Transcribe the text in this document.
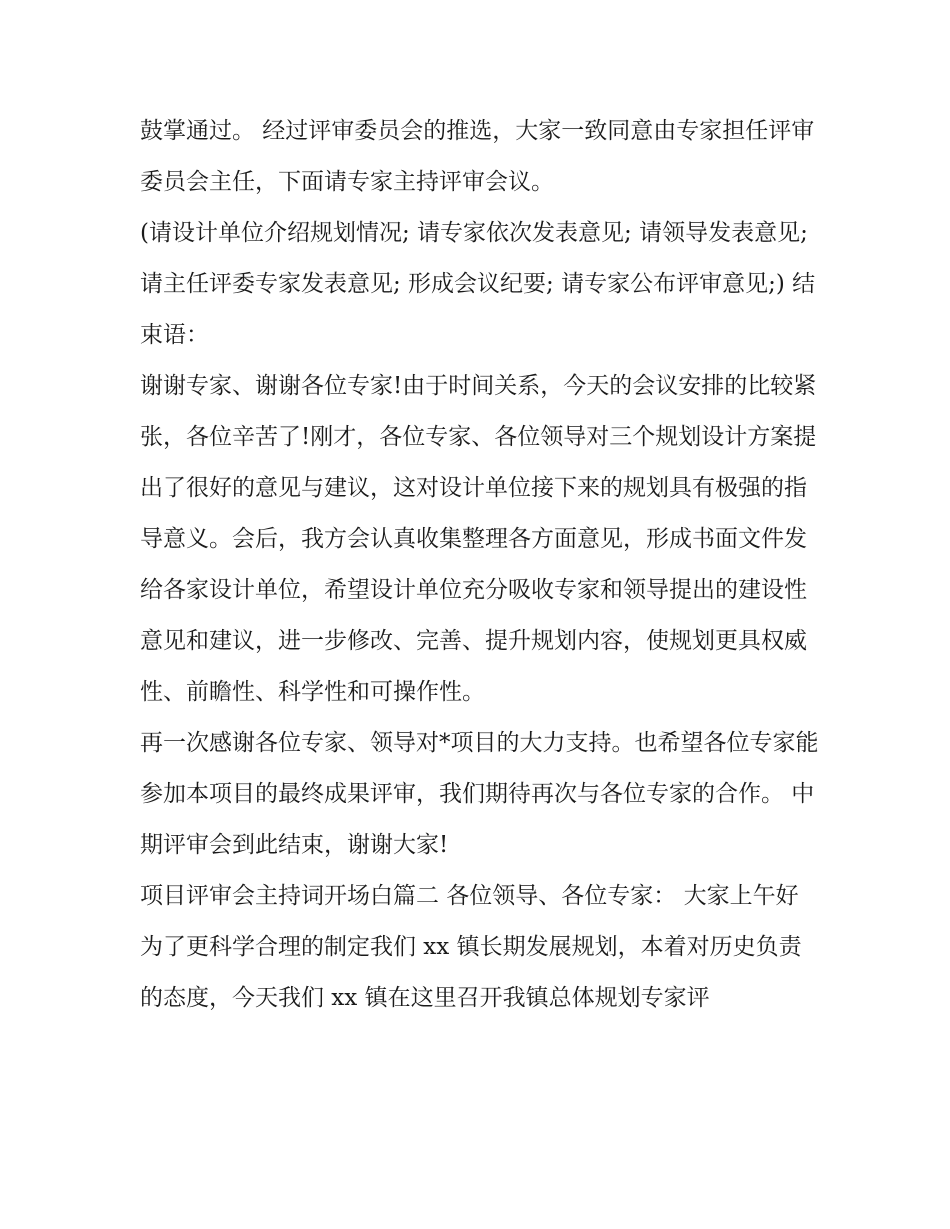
鼓掌通过。 经过评审委员会的推选，大家一致同意由专家担任评审委员会主任，下面请专家主持评审会议。

(请设计单位介绍规划情况; 请专家依次发表意见; 请领导发表意见; 请主任评委专家发表意见; 形成会议纪要; 请专家公布评审意见;) 结束语：

谢谢专家、谢谢各位专家!由于时间关系，今天的会议安排的比较紧张，各位辛苦了!刚才，各位专家、各位领导对三个规划设计方案提出了很好的意见与建议，这对设计单位接下来的规划具有极强的指导意义。会后，我方会认真收集整理各方面意见，形成书面文件发给各家设计单位，希望设计单位充分吸收专家和领导提出的建设性意见和建议，进一步修改、完善、提升规划内容，使规划更具权威性、前瞻性、科学性和可操作性。

再一次感谢各位专家、领导对*项目的大力支持。也希望各位专家能参加本项目的最终成果评审，我们期待再次与各位专家的合作。 中期评审会到此结束，谢谢大家!

项目评审会主持词开场白篇二 各位领导、各位专家： 大家上午好

为了更科学合理的制定我们 xx 镇长期发展规划，本着对历史负责的态度，今天我们 xx 镇在这里召开我镇总体规划专家评
